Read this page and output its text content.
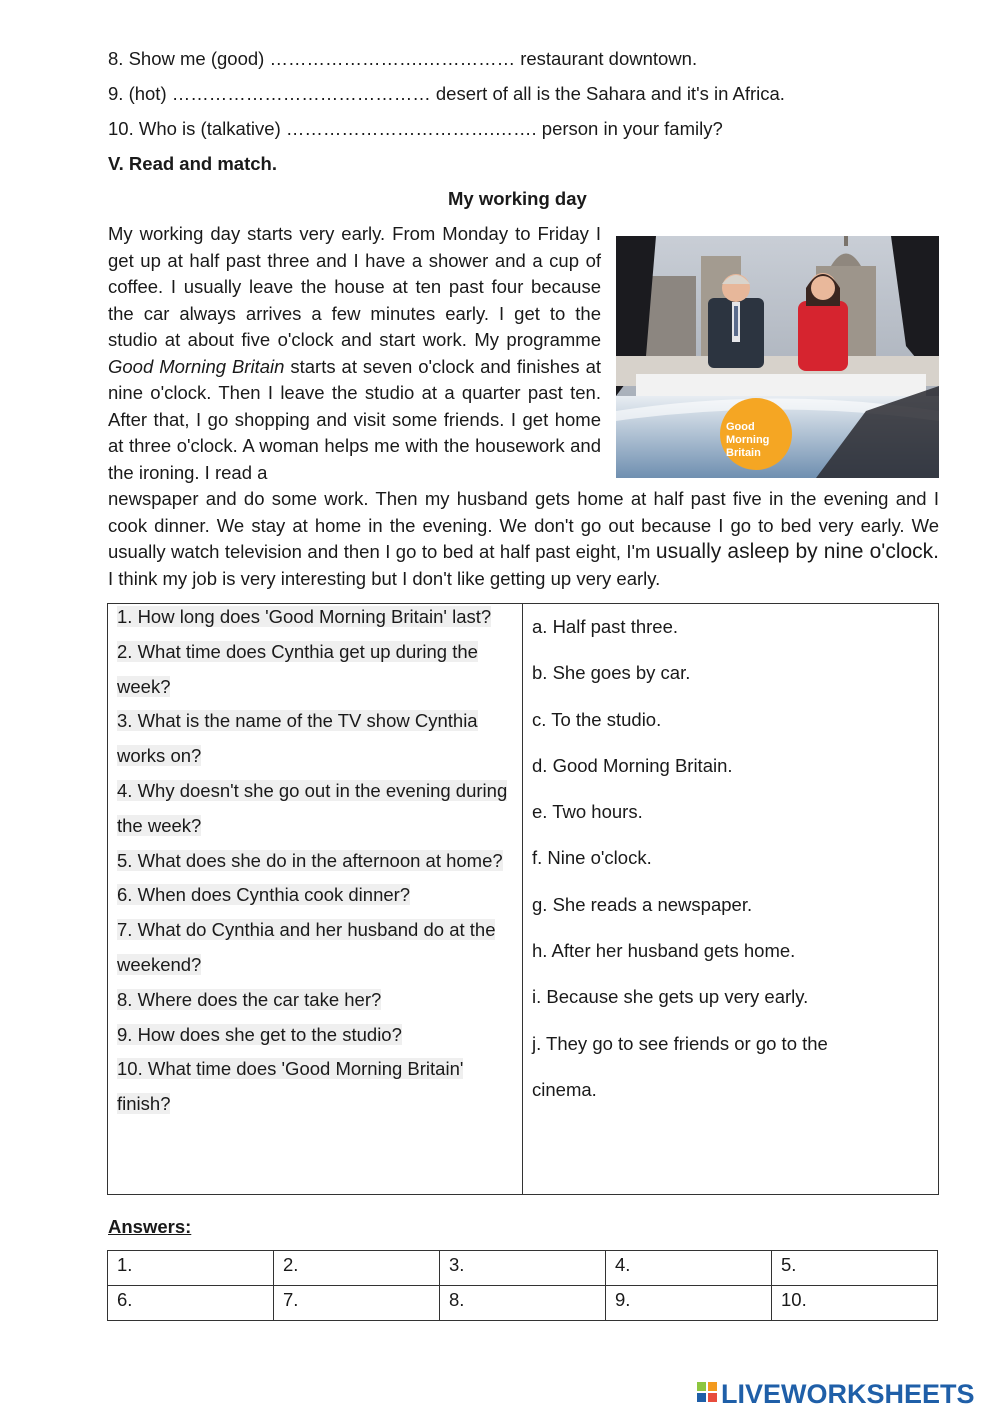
8. Show me (good) …………………….…………… restaurant downtown.
9. (hot) …………………………………… desert of all is the Sahara and it's in Africa.
10. Who is (talkative) …………………………….……. person in your family?
V. Read and match.
My working day
My working day starts very early. From Monday to Friday I get up at half past three and I have a shower and a cup of coffee. I usually leave the house at ten past four because the car always arrives a few minutes early. I get to the studio at about five o'clock and start work. My programme Good Morning Britain starts at seven o'clock and finishes at nine o'clock. Then I leave the studio at a quarter past ten. After that, I go shopping and visit some friends. I get home at three o'clock. A woman helps me with the housework and the ironing. I read a
Good
Morning
Britain
newspaper and do some work. Then my husband gets home at half past five in the evening and I cook dinner. We stay at home in the evening. We don't go out because I go to bed very early. We usually watch television and then I go to bed at half past eight, I'm usually asleep by nine o'clock. I think my job is very interesting but I don't like getting up very early.
1. How long does 'Good Morning Britain' last?
2. What time does Cynthia get up during the week?
3. What is the name of the TV show Cynthia works on?
4. Why doesn't she go out in the evening during the week?
5. What does she do in the afternoon at home?
6. When does Cynthia cook dinner?
7. What do Cynthia and her husband do at the weekend?
8. Where does the car take her?
9. How does she get to the studio?
10. What time does 'Good Morning Britain' finish?
a. Half past three.
b. She goes by car.
c. To the studio.
d. Good Morning Britain.
e. Two hours.
f. Nine o'clock.
g. She reads a newspaper.
h. After her husband gets home.
i. Because she gets up very early.
j. They go to see friends or go to the cinema.
Answers:
1.	2.	3.	4.	5.
6.	7.	8.	9.	10.
LIVEWORKSHEETS
